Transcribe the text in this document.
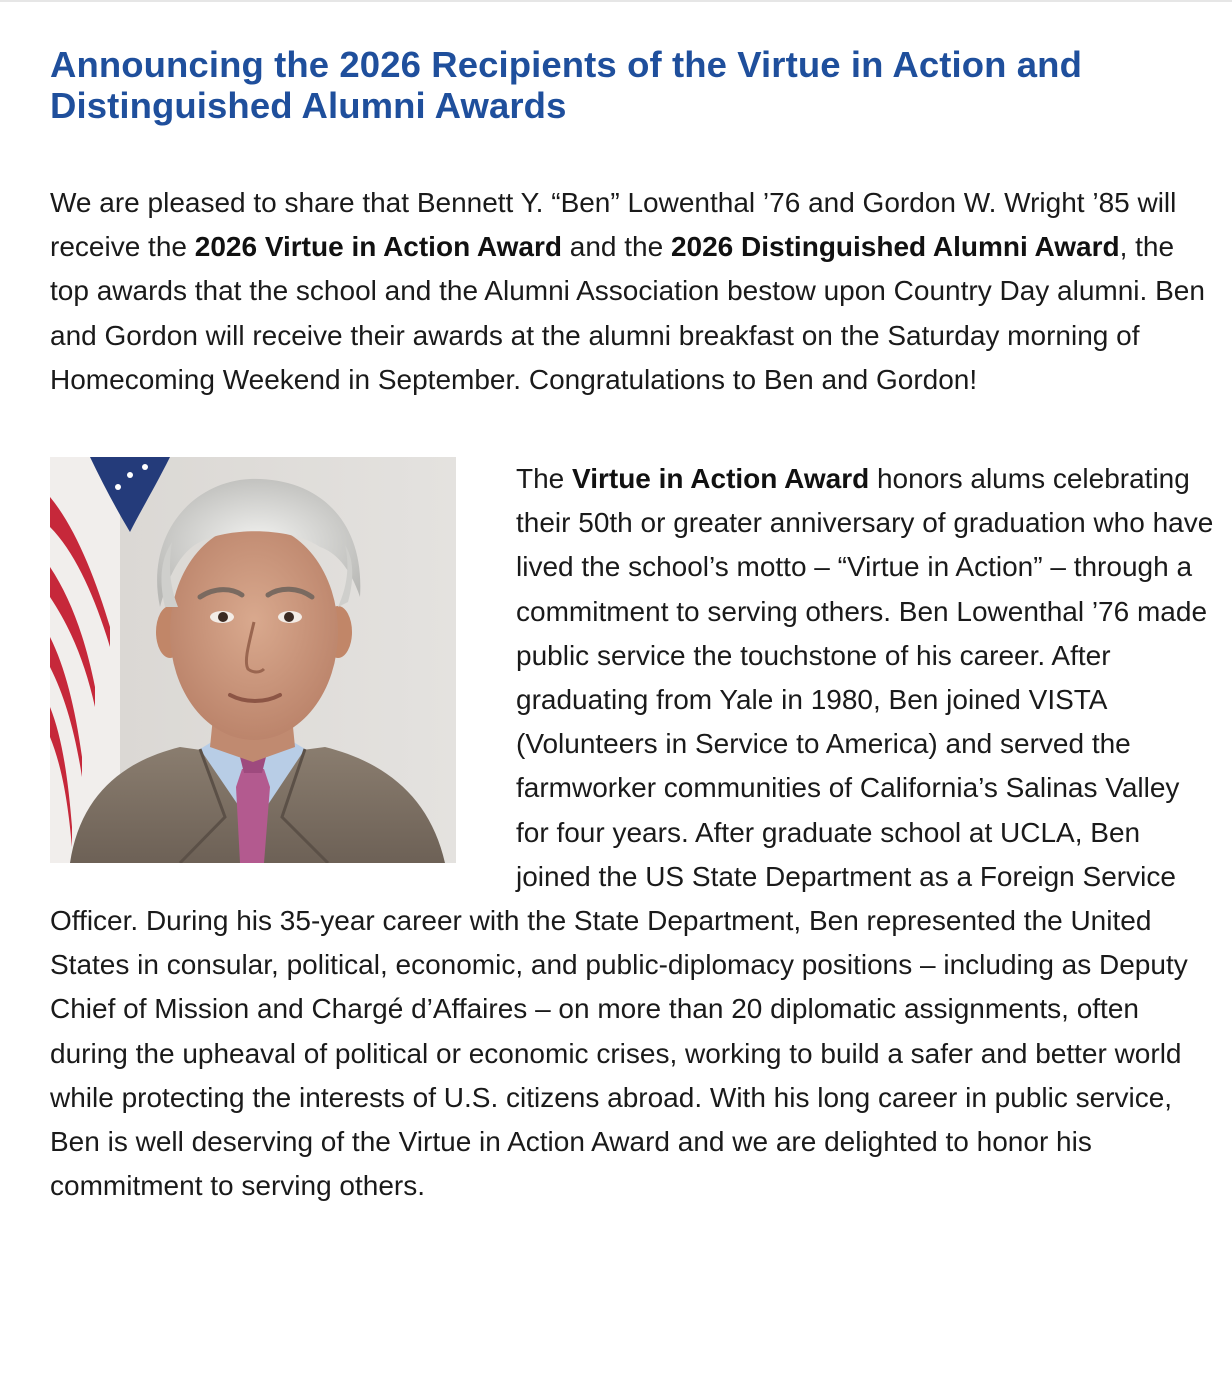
Announcing the 2026 Recipients of the Virtue in Action and Distinguished Alumni Awards

We are pleased to share that Bennett Y. “Ben” Lowenthal ’76 and Gordon W. Wright ’85 will receive the 2026 Virtue in Action Award and the 2026 Distinguished Alumni Award, the top awards that the school and the Alumni Association bestow upon Country Day alumni. Ben and Gordon will receive their awards at the alumni breakfast on the Saturday morning of Homecoming Weekend in September. Congratulations to Ben and Gordon!

The Virtue in Action Award honors alums celebrating their 50th or greater anniversary of graduation who have lived the school’s motto – “Virtue in Action” – through a commitment to serving others. Ben Lowenthal ’76 made public service the touchstone of his career. After graduating from Yale in 1980, Ben joined VISTA (Volunteers in Service to America) and served the farmworker communities of California’s Salinas Valley for four years. After graduate school at UCLA, Ben joined the US State Department as a Foreign Service Officer. During his 35-year career with the State Department, Ben represented the United States in consular, political, economic, and public-diplomacy positions – including as Deputy Chief of Mission and Chargé d’Affaires – on more than 20 diplomatic assignments, often during the upheaval of political or economic crises, working to build a safer and better world while protecting the interests of U.S. citizens abroad. With his long career in public service, Ben is well deserving of the Virtue in Action Award and we are delighted to honor his commitment to serving others.
